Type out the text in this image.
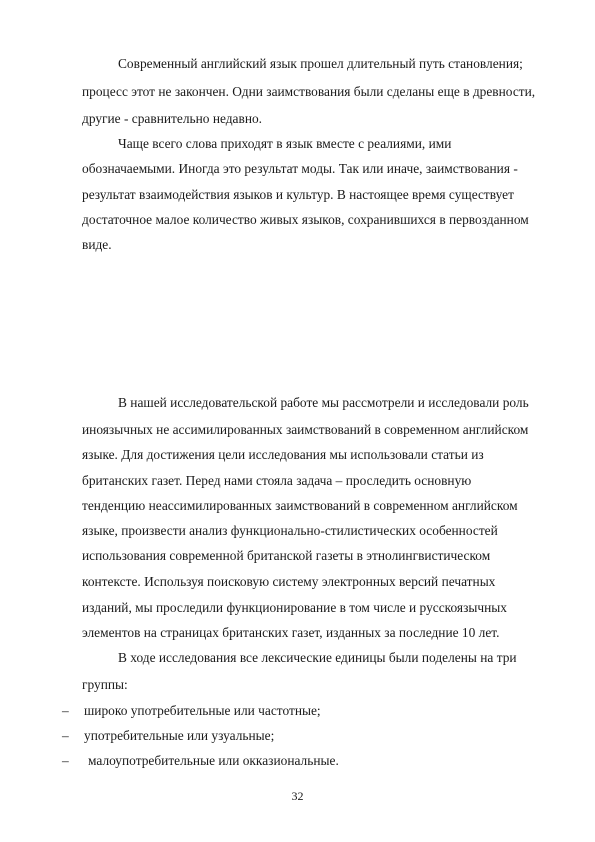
Современный английский язык прошел длительный путь становления;
процесс этот не закончен. Одни заимствования были сделаны еще в древности,
другие - сравнительно недавно.
Чаще всего слова приходят в язык вместе с реалиями, ими
обозначаемыми. Иногда это результат моды. Так или иначе, заимствования -
результат взаимодействия языков и культур. В настоящее время существует
достаточное малое количество живых языков, сохранившихся в первозданном
виде.
В нашей исследовательской работе мы рассмотрели и исследовали роль
иноязычных не ассимилированных заимствований в современном английском
языке. Для достижения цели исследования мы использовали статьи из
британских газет. Перед нами стояла задача – проследить основную
тенденцию неассимилированных заимствований в современном английском
языке, произвести анализ функционально-стилистических особенностей
использования современной британской газеты в этнолингвистическом
контексте. Используя поисковую систему электронных версий печатных
изданий, мы проследили функционирование в том числе и русскоязычных
элементов на страницах британских газет, изданных за последние 10 лет.
В ходе исследования все лексические единицы были поделены на три
группы:
– широко употребительные или частотные;
– употребительные или узуальные;
– малоупотребительные или окказиональные.
32
